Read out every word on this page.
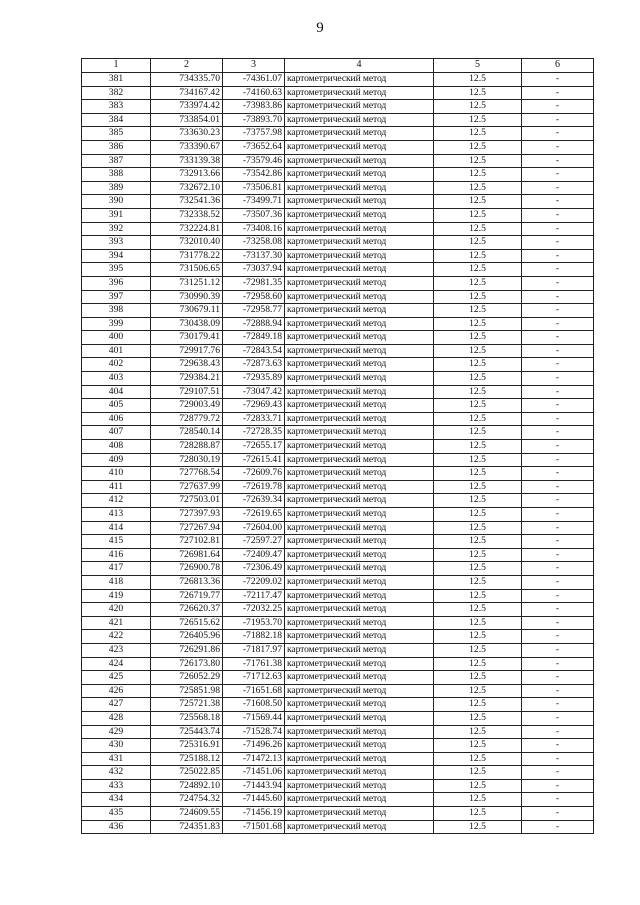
9
1	2	3	4	5	6
381	734335.70	-74361.07	картометрический метод	12.5	-
382	734167.42	-74160.63	картометрический метод	12.5	-
383	733974.42	-73983.86	картометрический метод	12.5	-
384	733854.01	-73893.70	картометрический метод	12.5	-
385	733630.23	-73757.98	картометрический метод	12.5	-
386	733390.67	-73652.64	картометрический метод	12.5	-
387	733139.38	-73579.46	картометрический метод	12.5	-
388	732913.66	-73542.86	картометрический метод	12.5	-
389	732672.10	-73506.81	картометрический метод	12.5	-
390	732541.36	-73499.71	картометрический метод	12.5	-
391	732338.52	-73507.36	картометрический метод	12.5	-
392	732224.81	-73408.16	картометрический метод	12.5	-
393	732010.40	-73258.08	картометрический метод	12.5	-
394	731778.22	-73137.30	картометрический метод	12.5	-
395	731506.65	-73037.94	картометрический метод	12.5	-
396	731251.12	-72981.35	картометрический метод	12.5	-
397	730990.39	-72958.60	картометрический метод	12.5	-
398	730679.11	-72958.77	картометрический метод	12.5	-
399	730438.09	-72888.94	картометрический метод	12.5	-
400	730179.41	-72849.18	картометрический метод	12.5	-
401	729917.76	-72843.54	картометрический метод	12.5	-
402	729638.43	-72873.63	картометрический метод	12.5	-
403	729384.21	-72935.89	картометрический метод	12.5	-
404	729107.51	-73047.42	картометрический метод	12.5	-
405	729003.49	-72969.43	картометрический метод	12.5	-
406	728779.72	-72833.71	картометрический метод	12.5	-
407	728540.14	-72728.35	картометрический метод	12.5	-
408	728288.87	-72655.17	картометрический метод	12.5	-
409	728030.19	-72615.41	картометрический метод	12.5	-
410	727768.54	-72609.76	картометрический метод	12.5	-
411	727637.99	-72619.78	картометрический метод	12.5	-
412	727503.01	-72639.34	картометрический метод	12.5	-
413	727397.93	-72619.65	картометрический метод	12.5	-
414	727267.94	-72604.00	картометрический метод	12.5	-
415	727102.81	-72597.27	картометрический метод	12.5	-
416	726981.64	-72409.47	картометрический метод	12.5	-
417	726900.78	-72306.49	картометрический метод	12.5	-
418	726813.36	-72209.02	картометрический метод	12.5	-
419	726719.77	-72117.47	картометрический метод	12.5	-
420	726620.37	-72032.25	картометрический метод	12.5	-
421	726515.62	-71953.70	картометрический метод	12.5	-
422	726405.96	-71882.18	картометрический метод	12.5	-
423	726291.86	-71817.97	картометрический метод	12.5	-
424	726173.80	-71761.38	картометрический метод	12.5	-
425	726052.29	-71712.63	картометрический метод	12.5	-
426	725851.98	-71651.68	картометрический метод	12.5	-
427	725721.38	-71608.50	картометрический метод	12.5	-
428	725568.18	-71569.44	картометрический метод	12.5	-
429	725443.74	-71528.74	картометрический метод	12.5	-
430	725316.91	-71496.26	картометрический метод	12.5	-
431	725188.12	-71472.13	картометрический метод	12.5	-
432	725022.85	-71451.06	картометрический метод	12.5	-
433	724892.10	-71443.94	картометрический метод	12.5	-
434	724754.32	-71445.60	картометрический метод	12.5	-
435	724609.55	-71456.19	картометрический метод	12.5	-
436	724351.83	-71501.68	картометрический метод	12.5	-
